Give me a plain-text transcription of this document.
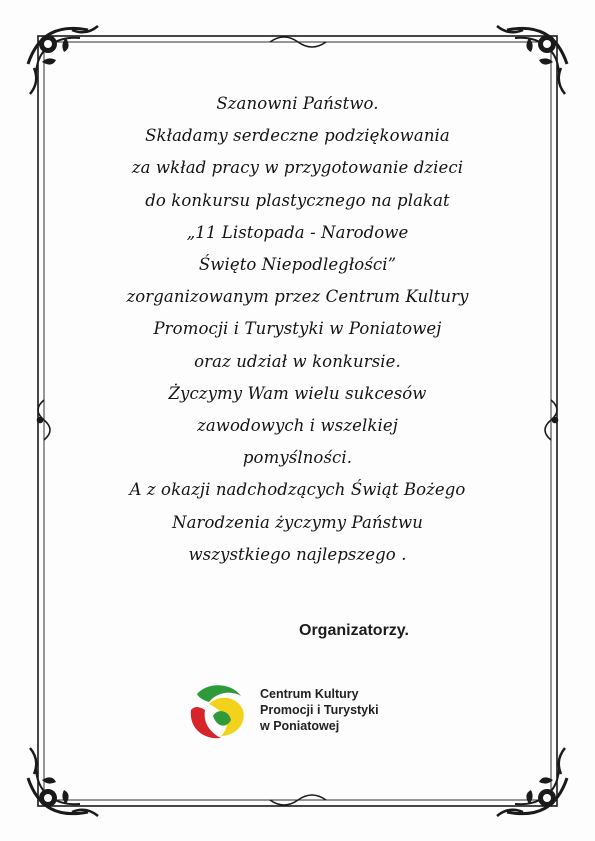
Szanowni Państwo.
Składamy serdeczne podziękowania
za wkład pracy w przygotowanie dzieci
do konkursu plastycznego na plakat
„11 Listopada - Narodowe
Święto Niepodległości”
zorganizowanym przez Centrum Kultury
Promocji i Turystyki w Poniatowej
oraz udział w konkursie.
Życzymy Wam wielu sukcesów
zawodowych i wszelkiej
pomyślności.
A z okazji nadchodzących Świąt Bożego
Narodzenia życzymy Państwu
wszystkiego najlepszego .
Organizatorzy.
Centrum Kultury
Promocji i Turystyki
w Poniatowej
